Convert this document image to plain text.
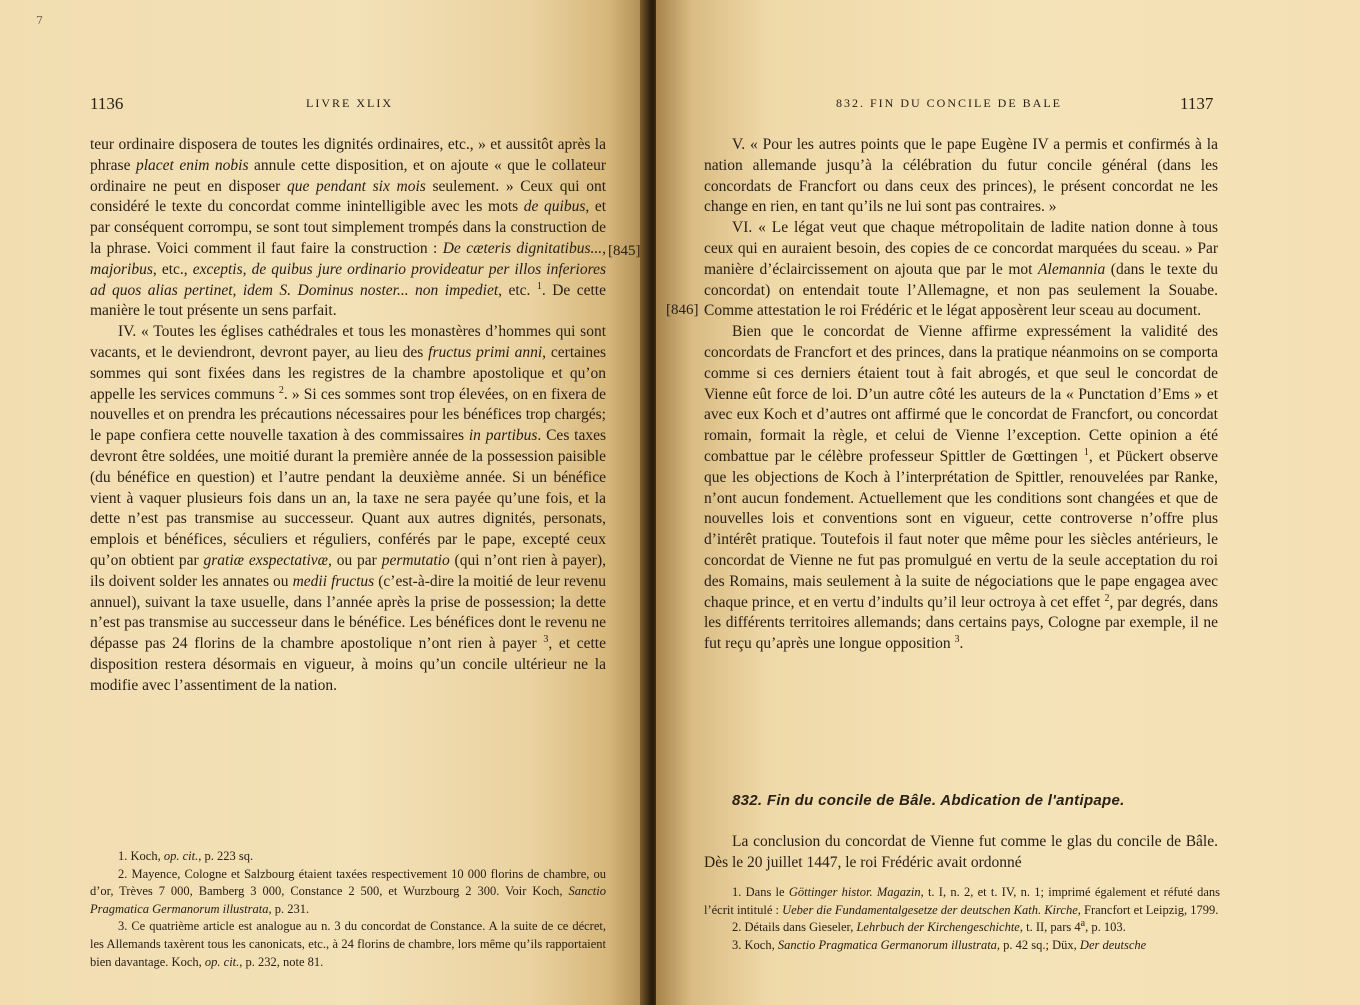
7
1136	LIVRE XLIX

teur ordinaire disposera de toutes les dignités ordinaires, etc., » et aussitôt après la phrase placet enim nobis annule cette disposition, et on ajoute « que le collateur ordinaire ne peut en disposer que pendant six mois seulement. » Ceux qui ont considéré le texte du concordat comme inintelligible avec les mots de quibus, et par conséquent corrompu, se sont tout simplement trompés dans la construction de la phrase. Voici comment il faut faire la construction : De cæteris dignitatibus..., majoribus, etc., exceptis, de quibus jure ordinario provideatur per illos inferiores ad quos alias pertinet, idem S. Dominus noster... non impediet, etc. $^1$. De cette manière le tout présente un sens parfait.

IV. « Toutes les églises cathédrales et tous les monastères d’hommes qui sont vacants, et le deviendront, devront payer, au lieu des fructus primi anni, certaines sommes qui sont fixées dans les registres de la chambre apostolique et qu’on appelle les services communs $^2$. » Si ces sommes sont trop élevées, on en fixera de nouvelles et on prendra les précautions nécessaires pour les bénéfices trop chargés; le pape confiera cette nouvelle taxation à des commissaires in partibus. Ces taxes devront être soldées, une moitié durant la première année de la possession paisible (du bénéfice en question) et l’autre pendant la deuxième année. Si un bénéfice vient à vaquer plusieurs fois dans un an, la taxe ne sera payée qu’une fois, et la dette n’est pas transmise au successeur. Quant aux autres dignités, personats, emplois et bénéfices, séculiers et réguliers, conférés par le pape, excepté ceux qu’on obtient par gratiæ exspectativæ, ou par permutatio (qui n’ont rien à payer), ils doivent solder les annates ou medii fructus (c’est-à-dire la moitié de leur revenu annuel), suivant la taxe usuelle, dans l’année après la prise de possession; la dette n’est pas transmise au successeur dans le bénéfice. Les bénéfices dont le revenu ne dépasse pas 24 florins de la chambre apostolique n’ont rien à payer $^3$, et cette disposition restera désormais en vigueur, à moins qu’un concile ultérieur ne la modifie avec l’assentiment de la nation.

1. Koch, op. cit., p. 223 sq.

2. Mayence, Cologne et Salzbourg étaient taxées respectivement 10 000 florins de chambre, ou d’or, Trèves 7 000, Bamberg 3 000, Constance 2 500, et Wurzbourg 2 300. Voir Koch, Sanctio Pragmatica Germanorum illustrata, p. 231.

3. Ce quatrième article est analogue au n. 3 du concordat de Constance. A la suite de ce décret, les Allemands taxèrent tous les canonicats, etc., à 24 florins de chambre, lors même qu’ils rapportaient bien davantage. Koch, op. cit., p. 232, note 81.

[845]
832. FIN DU CONCILE DE BALE	1137
[846]

V. « Pour les autres points que le pape Eugène IV a permis et confirmés à la nation allemande jusqu’à la célébration du futur concile général (dans les concordats de Francfort ou dans ceux des princes), le présent concordat ne les change en rien, en tant qu’ils ne lui sont pas contraires. »

VI. « Le légat veut que chaque métropolitain de ladite nation donne à tous ceux qui en auraient besoin, des copies de ce concordat marquées du sceau. » Par manière d’éclaircissement on ajouta que par le mot Alemannia (dans le texte du concordat) on entendait toute l’Allemagne, et non pas seulement la Souabe. Comme attestation le roi Frédéric et le légat apposèrent leur sceau au document.

Bien que le concordat de Vienne affirme expressément la validité des concordats de Francfort et des princes, dans la pratique néanmoins on se comporta comme si ces derniers étaient tout à fait abrogés, et que seul le concordat de Vienne eût force de loi. D’un autre côté les auteurs de la « Punctation d’Ems » et avec eux Koch et d’autres ont affirmé que le concordat de Francfort, ou concordat romain, formait la règle, et celui de Vienne l’exception. Cette opinion a été combattue par le célèbre professeur Spittler de Gœttingen $^1$, et Pückert observe que les objections de Koch à l’interprétation de Spittler, renouvelées par Ranke, n’ont aucun fondement. Actuellement que les conditions sont changées et que de nouvelles lois et conventions sont en vigueur, cette controverse n’offre plus d’intérêt pratique. Toutefois il faut noter que même pour les siècles antérieurs, le concordat de Vienne ne fut pas promulgué en vertu de la seule acceptation du roi des Romains, mais seulement à la suite de négociations que le pape engagea avec chaque prince, et en vertu d’indults qu’il leur octroya à cet effet $^2$, par degrés, dans les différents territoires allemands; dans certains pays, Cologne par exemple, il ne fut reçu qu’après une longue opposition $^3$.

832. Fin du concile de Bâle. Abdication de l'antipape.

La conclusion du concordat de Vienne fut comme le glas du concile de Bâle. Dès le 20 juillet 1447, le roi Frédéric avait ordonné

1. Dans le Göttinger histor. Magazin, t. I, n. 2, et t. IV, n. 1; imprimé également et réfuté dans l’écrit intitulé : Ueber die Fundamentalgesetze der deutschen Kath. Kirche, Francfort et Leipzig, 1799.

2. Détails dans Gieseler, Lehrbuch der Kirchengeschichte, t. II, pars 4$^a$, p. 103.

3. Koch, Sanctio Pragmatica Germanorum illustrata, p. 42 sq.; Düx, Der deutsche
